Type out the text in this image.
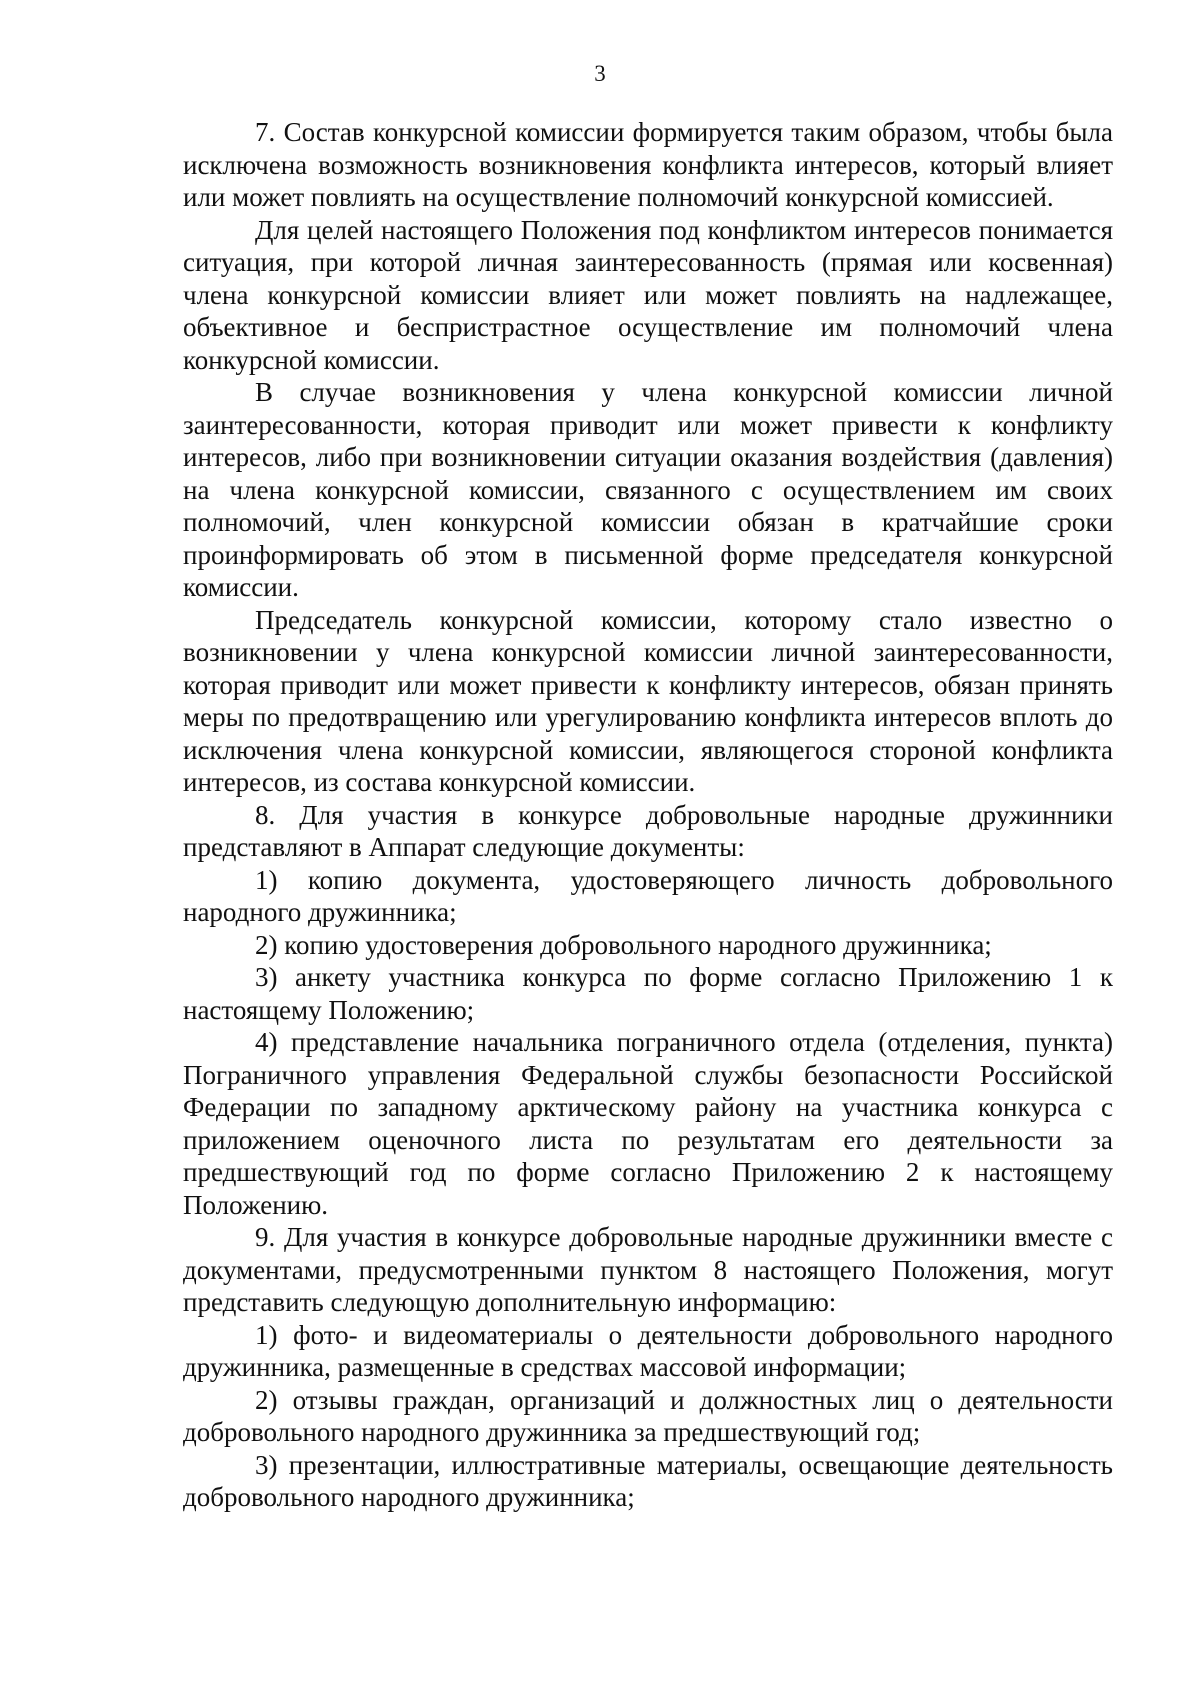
3

7. Состав конкурсной комиссии формируется таким образом, чтобы была исключена возможность возникновения конфликта интересов, который влияет или может повлиять на осуществление полномочий конкурсной комиссией.

Для целей настоящего Положения под конфликтом интересов понимается ситуация, при которой личная заинтересованность (прямая или косвенная) члена конкурсной комиссии влияет или может повлиять на надлежащее, объективное и беспристрастное осуществление им полномочий члена конкурсной комиссии.

В случае возникновения у члена конкурсной комиссии личной заинтересованности, которая приводит или может привести к конфликту интересов, либо при возникновении ситуации оказания воздействия (давления) на члена конкурсной комиссии, связанного с осуществлением им своих полномочий, член конкурсной комиссии обязан в кратчайшие сроки проинформировать об этом в письменной форме председателя конкурсной комиссии.

Председатель конкурсной комиссии, которому стало известно о возникновении у члена конкурсной комиссии личной заинтересованности, которая приводит или может привести к конфликту интересов, обязан принять меры по предотвращению или урегулированию конфликта интересов вплоть до исключения члена конкурсной комиссии, являющегося стороной конфликта интересов, из состава конкурсной комиссии.

8. Для участия в конкурсе добровольные народные дружинники представляют в Аппарат следующие документы:

1) копию документа, удостоверяющего личность добровольного народного дружинника;

2) копию удостоверения добровольного народного дружинника;

3) анкету участника конкурса по форме согласно Приложению 1 к настоящему Положению;

4) представление начальника пограничного отдела (отделения, пункта) Пограничного управления Федеральной службы безопасности Российской Федерации по западному арктическому району на участника конкурса с приложением оценочного листа по результатам его деятельности за предшествующий год по форме согласно Приложению 2 к настоящему Положению.

9. Для участия в конкурсе добровольные народные дружинники вместе с документами, предусмотренными пунктом 8 настоящего Положения, могут представить следующую дополнительную информацию:

1) фото- и видеоматериалы о деятельности добровольного народного дружинника, размещенные в средствах массовой информации;

2) отзывы граждан, организаций и должностных лиц о деятельности добровольного народного дружинника за предшествующий год;

3) презентации, иллюстративные материалы, освещающие деятельность добровольного народного дружинника;
